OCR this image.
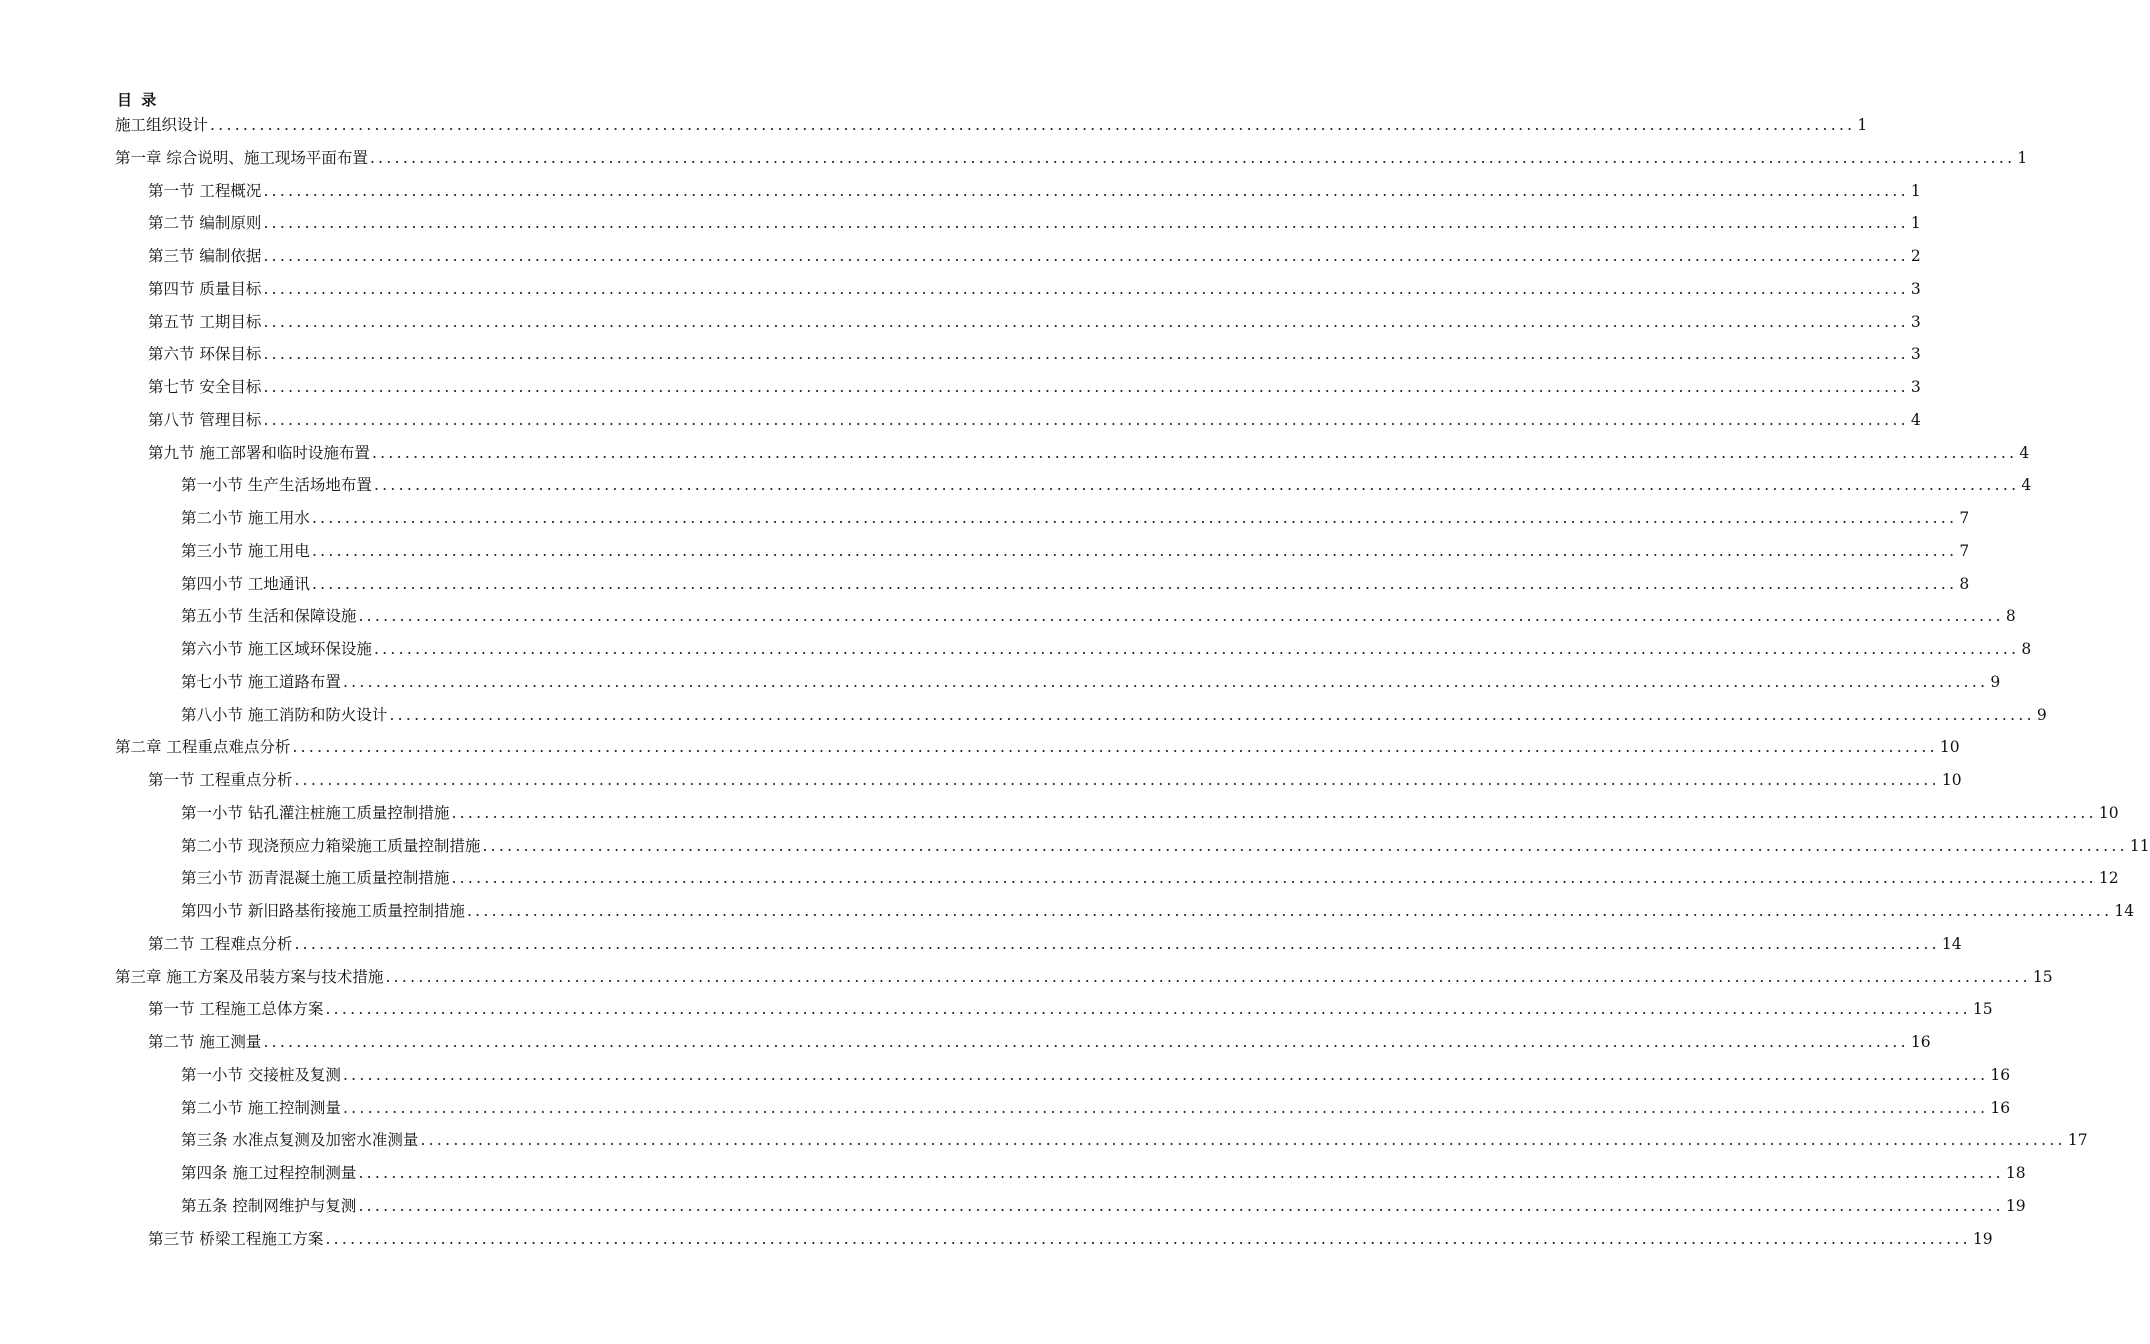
目 录
施工组织设计 ........................................................................................................................................................................................................ 1
第一章 综合说明、施工现场平面布置 ........................................................................................................................................................................................................ 1
第一节 工程概况 ........................................................................................................................................................................................................ 1
第二节 编制原则 ........................................................................................................................................................................................................ 1
第三节 编制依据 ........................................................................................................................................................................................................ 2
第四节 质量目标 ........................................................................................................................................................................................................ 3
第五节 工期目标 ........................................................................................................................................................................................................ 3
第六节 环保目标 ........................................................................................................................................................................................................ 3
第七节 安全目标 ........................................................................................................................................................................................................ 3
第八节 管理目标 ........................................................................................................................................................................................................ 4
第九节 施工部署和临时设施布置 ........................................................................................................................................................................................................ 4
第一小节 生产生活场地布置 ........................................................................................................................................................................................................ 4
第二小节 施工用水 ........................................................................................................................................................................................................ 7
第三小节 施工用电 ........................................................................................................................................................................................................ 7
第四小节 工地通讯 ........................................................................................................................................................................................................ 8
第五小节 生活和保障设施 ........................................................................................................................................................................................................ 8
第六小节 施工区域环保设施 ........................................................................................................................................................................................................ 8
第七小节 施工道路布置 ........................................................................................................................................................................................................ 9
第八小节 施工消防和防火设计 ........................................................................................................................................................................................................ 9
第二章 工程重点难点分析 ........................................................................................................................................................................................................ 10
第一节 工程重点分析 ........................................................................................................................................................................................................ 10
第一小节 钻孔灌注桩施工质量控制措施 ........................................................................................................................................................................................................ 10
第二小节 现浇预应力箱梁施工质量控制措施 ........................................................................................................................................................................................................ 11
第三小节 沥青混凝土施工质量控制措施 ........................................................................................................................................................................................................ 12
第四小节 新旧路基衔接施工质量控制措施 ........................................................................................................................................................................................................ 14
第二节 工程难点分析 ........................................................................................................................................................................................................ 14
第三章 施工方案及吊装方案与技术措施 ........................................................................................................................................................................................................ 15
第一节 工程施工总体方案 ........................................................................................................................................................................................................ 15
第二节 施工测量 ........................................................................................................................................................................................................ 16
第一小节 交接桩及复测 ........................................................................................................................................................................................................ 16
第二小节 施工控制测量 ........................................................................................................................................................................................................ 16
第三条 水准点复测及加密水准测量 ........................................................................................................................................................................................................ 17
第四条 施工过程控制测量 ........................................................................................................................................................................................................ 18
第五条 控制网维护与复测 ........................................................................................................................................................................................................ 19
第三节 桥梁工程施工方案 ........................................................................................................................................................................................................ 19
